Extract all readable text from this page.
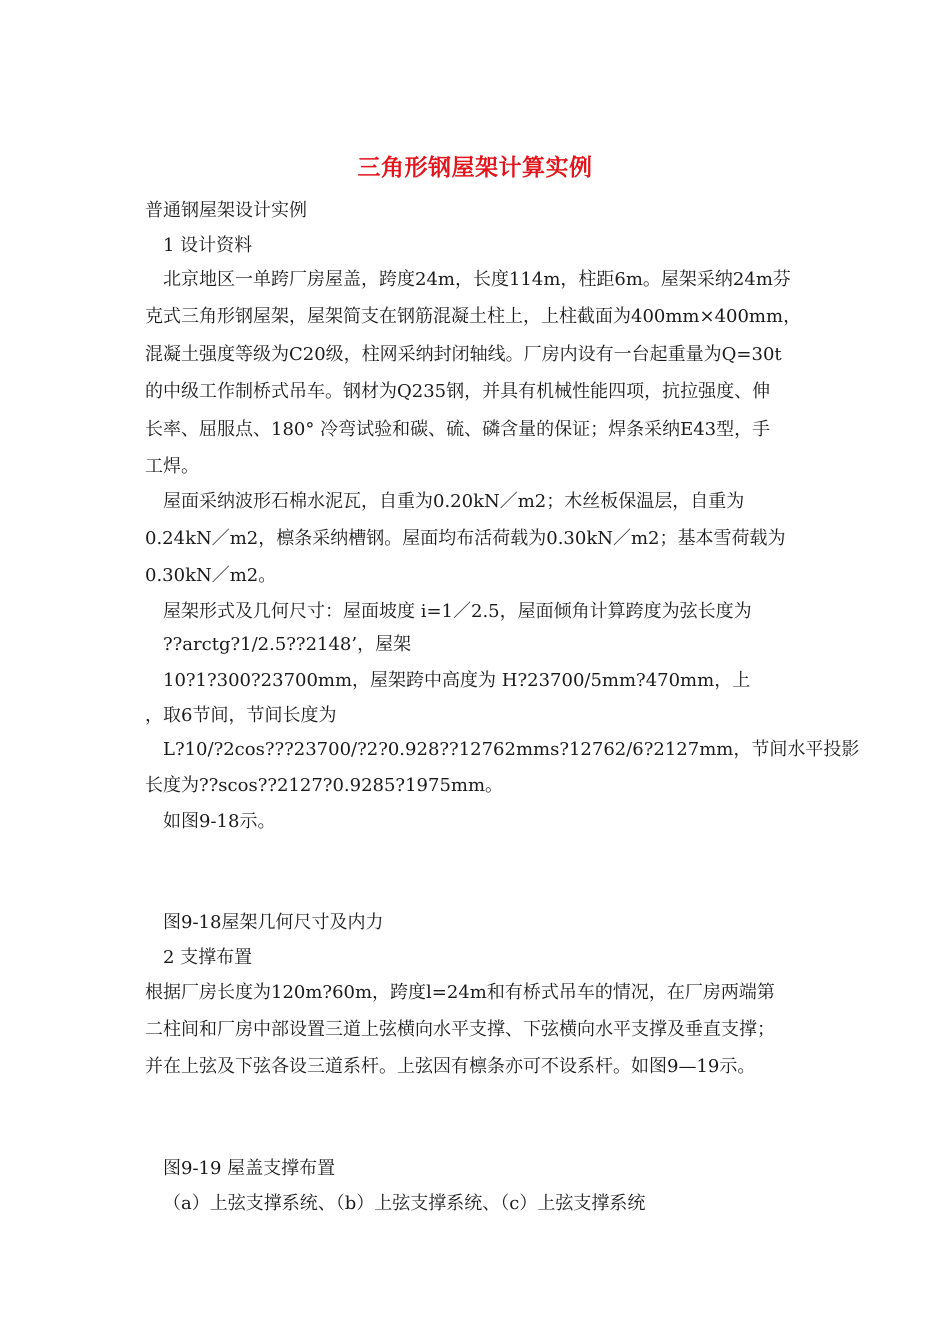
三角形钢屋架计算实例
普通钢屋架设计实例
1 设计资料
北京地区一单跨厂房屋盖，跨度24m，长度114m，柱距6m。屋架采纳24m芬
克式三角形钢屋架，屋架简支在钢筋混凝土柱上，上柱截面为400mm×400mm，
混凝土强度等级为C20级，柱网采纳封闭轴线。厂房内设有一台起重量为Q=30t
的中级工作制桥式吊车。钢材为Q235钢，并具有机械性能四项，抗拉强度、伸
长率、屈服点、180° 冷弯试验和碳、硫、磷含量的保证；焊条采纳E43型，手
工焊。
屋面采纳波形石棉水泥瓦，自重为0.20kN／m2；木丝板保温层，自重为
0.24kN／m2，檩条采纳槽钢。屋面均布活荷载为0.30kN／m2；基本雪荷载为
0.30kN／m2。
屋架形式及几何尺寸：屋面坡度 i=1／2.5，屋面倾角计算跨度为弦长度为
??arctg?1/2.5??2148’，屋架
10?1?300?23700mm，屋架跨中高度为 H?23700/5mm?470mm，上
，取6节间，节间长度为
L?10/?2cos???23700/?2?0.928??12762mms?12762/6?2127mm，节间水平投影
长度为??scos??2127?0.9285?1975mm。
如图9-18示。
图9-18屋架几何尺寸及内力
2 支撑布置
根据厂房长度为120m?60m，跨度l=24m和有桥式吊车的情况，在厂房两端第
二柱间和厂房中部设置三道上弦横向水平支撑、下弦横向水平支撑及垂直支撑；
并在上弦及下弦各设三道系杆。上弦因有檩条亦可不设系杆。如图9—19示。
图9-19 屋盖支撑布置
（a）上弦支撑系统、（b）上弦支撑系统、（c）上弦支撑系统
